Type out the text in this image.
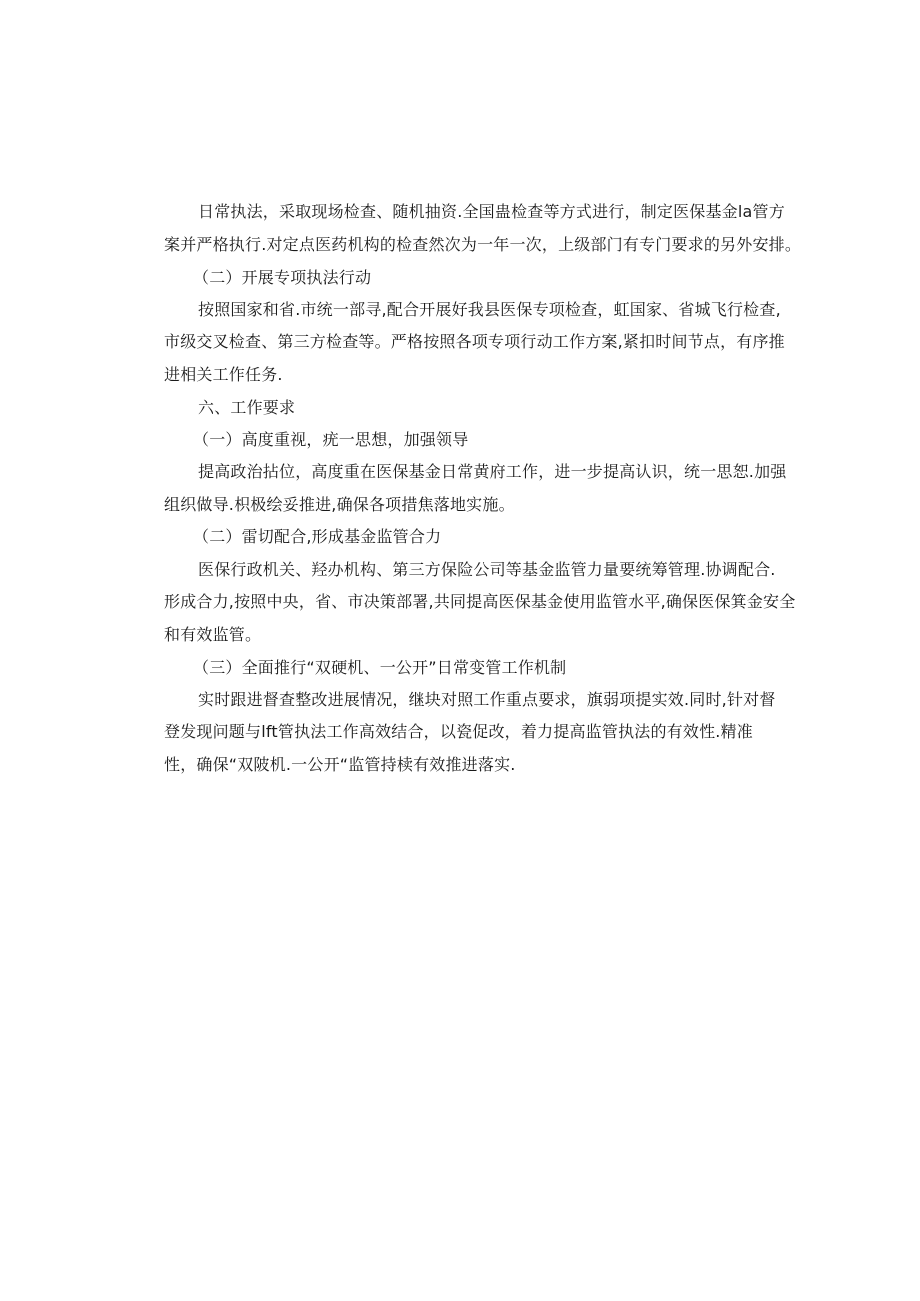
日常执法，采取现场检查、随机抽资.全国蛊检查等方式进行，制定医保基金la管方
案并严格执行.对定点医药机构的检查然次为一年一次，上级部门有专门要求的另外安排。
（二）开展专项执法行动
按照国家和省.市统一部寻,配合开展好我县医保专项检查，虹国家、省城飞行检查,
市级交叉检查、第三方检查等。严格按照各项专项行动工作方案,紧扣时间节点，有序推
进相关工作任务.
六、工作要求
（一）高度重视，疣一思想，加强领导
提高政治拈位，高度重在医保基金日常黄府工作，进一步提高认识，统一思恕.加强
组织做导.枳极绘妥推进,确保各项措焦落地实施。
（二）雷切配合,形成基金监管合力
医保行政机关、羟办机构、第三方保险公司等基金监管力量要统筹管理.协调配合.
形成合力,按照中央，省、市决策部署,共同提高医保基金使用监管水平,确保医保箕金安全
和有效监管。
（三）全面推行“双硬机、一公开”日常变管工作机制
实时跟进督查整改进展情况，继块对照工作重点要求，旗弱项提实效.同时,针对督
登发现问题与lft管执法工作高效结合，以瓷促改，着力提高监管执法的有效性.精准
性，确保“双陂机.一公开“监管持椟有效推进落实.
